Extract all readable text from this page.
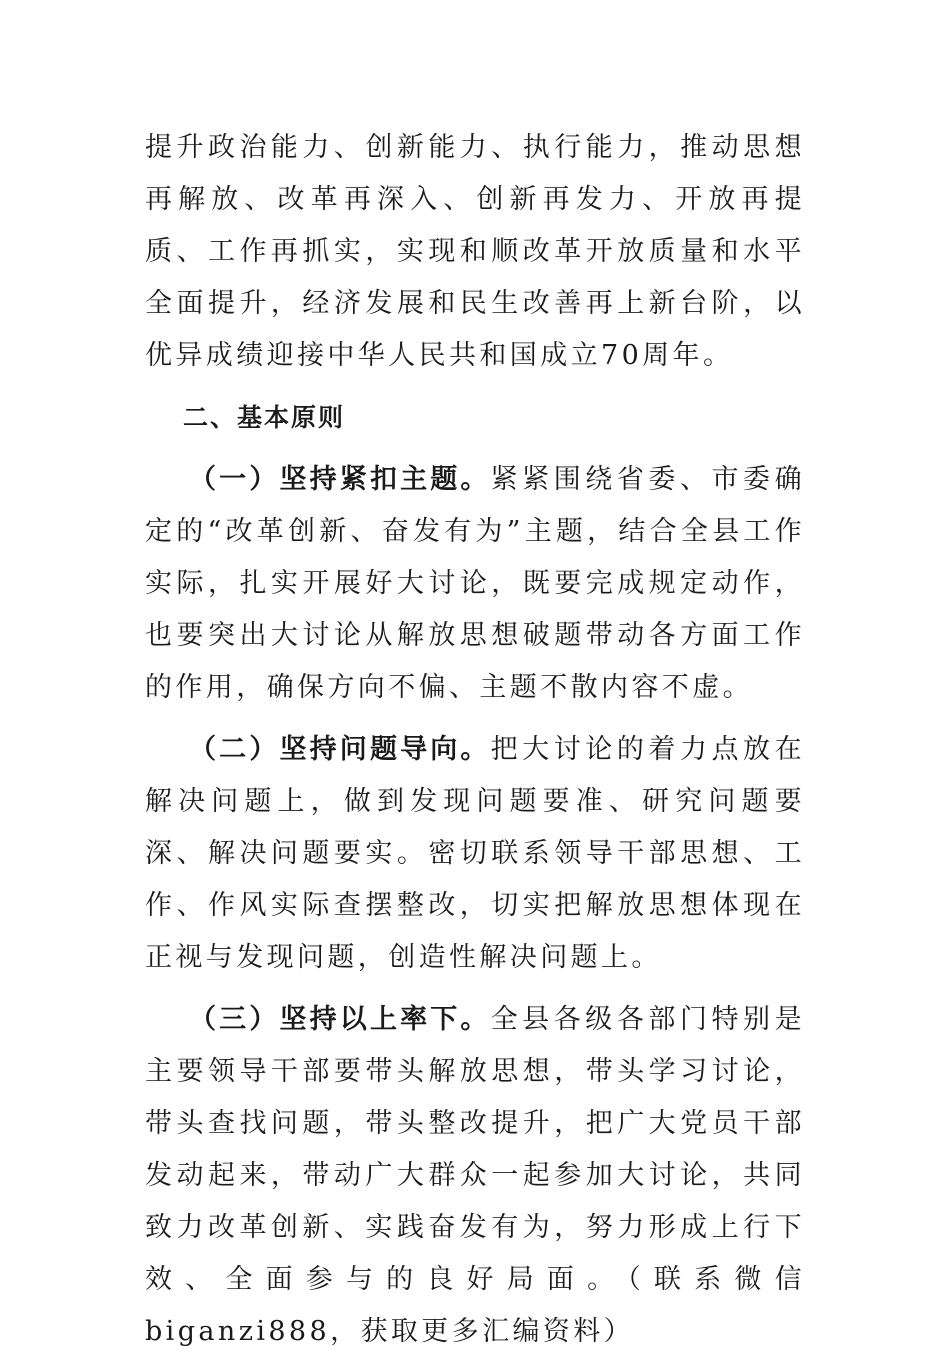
提升政治能力、创新能力、执行能力，推动思想再解放、改革再深入、创新再发力、开放再提质、工作再抓实，实现和顺改革开放质量和水平全面提升，经济发展和民生改善再上新台阶，以优异成绩迎接中华人民共和国成立70周年。

二、基本原则

（一）坚持紧扣主题。紧紧围绕省委、市委确定的“改革创新、奋发有为”主题，结合全县工作实际，扎实开展好大讨论，既要完成规定动作，也要突出大讨论从解放思想破题带动各方面工作的作用，确保方向不偏、主题不散内容不虚。

（二）坚持问题导向。把大讨论的着力点放在解决问题上，做到发现问题要准、研究问题要深、解决问题要实。密切联系领导干部思想、工作、作风实际查摆整改，切实把解放思想体现在正视与发现问题，创造性解决问题上。

（三）坚持以上率下。全县各级各部门特别是主要领导干部要带头解放思想，带头学习讨论，带头查找问题，带头整改提升，把广大党员干部发动起来，带动广大群众一起参加大讨论，共同致力改革创新、实践奋发有为，努力形成上行下效、全面参与的良好局面。（联系微信biganzi888，获取更多汇编资料）
